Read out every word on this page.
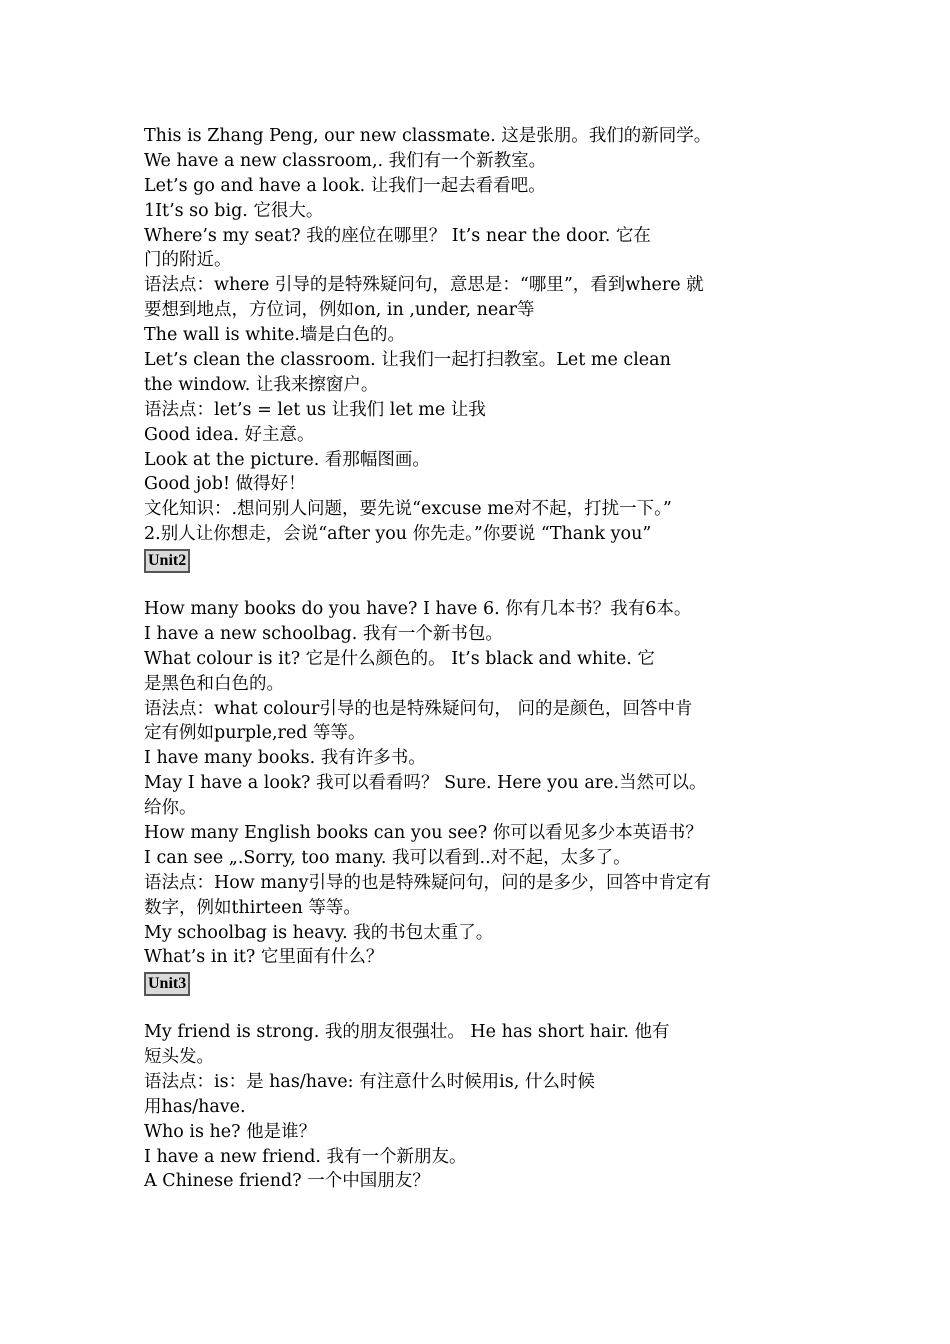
This is Zhang Peng, our new classmate. 这是张朋。我们的新同学。
We have a new classroom,. 我们有一个新教室。
Let’s go and have a look. 让我们一起去看看吧。
1It’s so big. 它很大。
Where’s my seat? 我的座位在哪里？ It’s near the door. 它在
门的附近。
语法点：where 引导的是特殊疑问句，意思是：“哪里”，看到where 就
要想到地点，方位词，例如on, in ,under, near等
The wall is white.墙是白色的。
Let’s clean the classroom. 让我们一起打扫教室。Let me clean
the window. 让我来擦窗户。
语法点：let’s = let us 让我们 let me 让我
Good idea. 好主意。
Look at the picture. 看那幅图画。
Good job! 做得好！
文化知识：.想问别人问题，要先说“excuse me对不起，打扰一下。”
2.别人让你想走，会说“after you 你先走。”你要说 “Thank you”
Unit2
How many books do you have? I have 6. 你有几本书？我有6本。
I have a new schoolbag. 我有一个新书包。
What colour is it? 它是什么颜色的。 It’s black and white. 它
是黑色和白色的。
语法点：what colour引导的也是特殊疑问句， 问的是颜色，回答中肯
定有例如purple,red 等等。
I have many books. 我有许多书。
May I have a look? 我可以看看吗？ Sure. Here you are.当然可以。
给你。
How many English books can you see? 你可以看见多少本英语书？
I can see „.Sorry, too many. 我可以看到..对不起，太多了。
语法点：How many引导的也是特殊疑问句，问的是多少，回答中肯定有
数字，例如thirteen 等等。
My schoolbag is heavy. 我的书包太重了。
What’s in it? 它里面有什么？
Unit3
My friend is strong. 我的朋友很强壮。 He has short hair. 他有
短头发。
语法点：is：是 has/have: 有注意什么时候用is, 什么时候
用has/have.
Who is he? 他是谁？
I have a new friend. 我有一个新朋友。
A Chinese friend? 一个中国朋友？
